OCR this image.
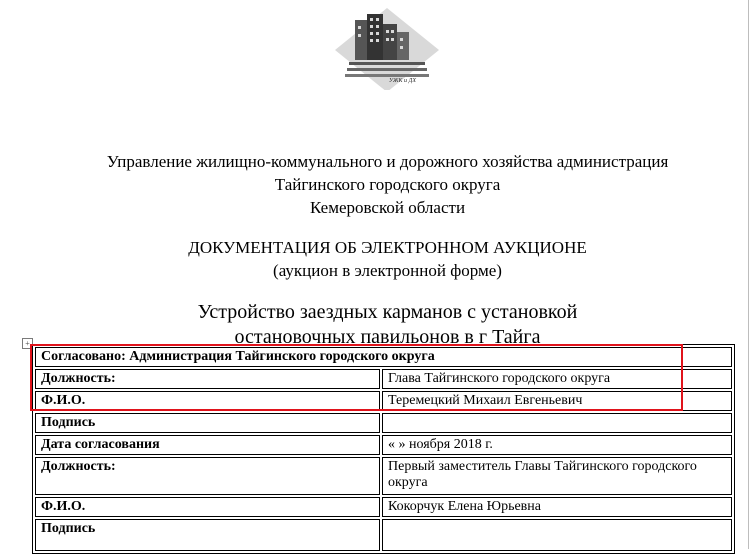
УЖК и ДХ
Управление жилищно-коммунального и дорожного хозяйства администрация
Тайгинского городского округа
Кемеровской области
ДОКУМЕНТАЦИЯ ОБ ЭЛЕКТРОННОМ АУКЦИОНЕ
(аукцион в электронной форме)
Устройство заездных карманов с установкой
остановочных павильонов в г Тайга
+
Согласовано: Администрация Тайгинского городского округа	
Должность:	Глава Тайгинского городского округа
Ф.И.О.	Теремецкий Михаил Евгеньевич
Подпись	
Дата согласования	« » ноября 2018 г.
Должность:	Первый заместитель Главы Тайгинского городского округа
Ф.И.О.	Кокорчук Елена Юрьевна
Подпись	
